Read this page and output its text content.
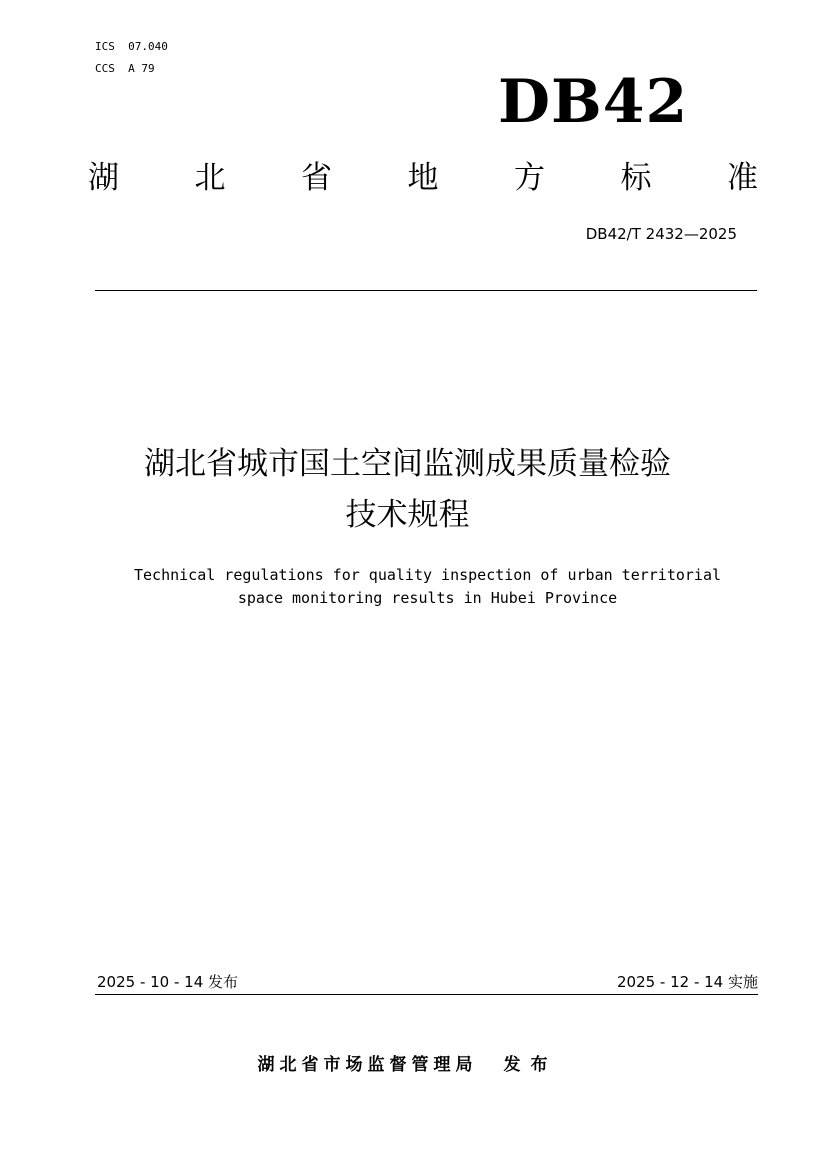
ICS  07.040
CCS  A 79	DB42
湖 北 省 地 方 标 准
DB42/T 2432—2025
湖北省城市国土空间监测成果质量检验
技术规程
Technical regulations for quality inspection of urban territorial
space monitoring results in Hubei Province
2025 - 10 - 14 发布	2025 - 12 - 14 实施
湖北省市场监督管理局 发布
